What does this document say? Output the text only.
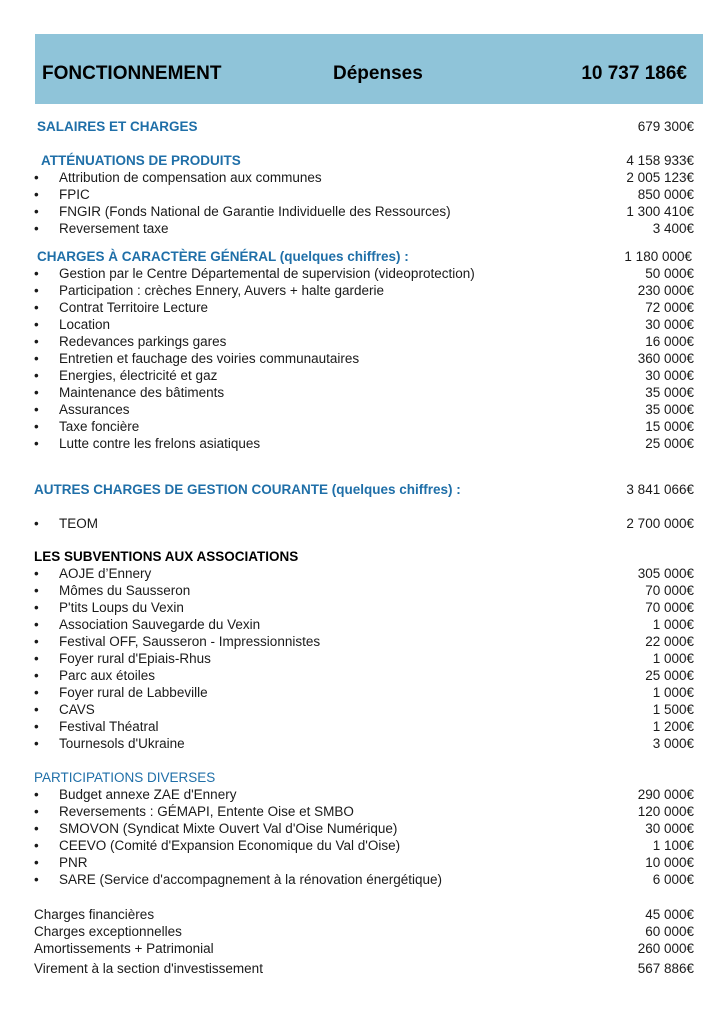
FONCTIONNEMENT	Dépenses	10 737 186€
SALAIRES ET CHARGES	679 300€
ATTÉNUATIONS DE PRODUITS	4 158 933€
• Attribution de compensation aux communes	2 005 123€
• FPIC	850 000€
• FNGIR (Fonds National de Garantie Individuelle des Ressources)	1 300 410€
• Reversement taxe	3 400€
CHARGES À CARACTÈRE GÉNÉRAL (quelques chiffres) :	1 180 000€
• Gestion par le Centre Départemental de supervision (videoprotection)	50 000€
• Participation : crèches Ennery, Auvers + halte garderie	230 000€
• Contrat Territoire Lecture	72 000€
• Location	30 000€
• Redevances parkings gares	16 000€
• Entretien et fauchage des voiries communautaires	360 000€
• Energies, électricité et gaz	30 000€
• Maintenance des bâtiments	35 000€
• Assurances	35 000€
• Taxe foncière	15 000€
• Lutte contre les frelons asiatiques	25 000€
AUTRES CHARGES DE GESTION COURANTE (quelques chiffres) :	3 841 066€
• TEOM	2 700 000€
LES SUBVENTIONS AUX ASSOCIATIONS
• AOJE d’Ennery	305 000€
• Mômes du Sausseron	70 000€
• P'tits Loups du Vexin	70 000€
• Association Sauvegarde du Vexin	1 000€
• Festival OFF, Sausseron - Impressionnistes	22 000€
• Foyer rural d'Epiais-Rhus	1 000€
• Parc aux étoiles	25 000€
• Foyer rural de Labbeville	1 000€
• CAVS	1 500€
• Festival Théatral	1 200€
• Tournesols d'Ukraine	3 000€
PARTICIPATIONS DIVERSES
• Budget annexe ZAE d'Ennery	290 000€
• Reversements : GÉMAPI, Entente Oise et SMBO	120 000€
• SMOVON (Syndicat Mixte Ouvert Val d'Oise Numérique)	30 000€
• CEEVO (Comité d'Expansion Economique du Val d'Oise)	1 100€
• PNR	10 000€
• SARE (Service d'accompagnement à la rénovation énergétique)	6 000€
Charges financières	45 000€
Charges exceptionnelles	60 000€
Amortissements + Patrimonial	260 000€
Virement à la section d'investissement	567 886€
